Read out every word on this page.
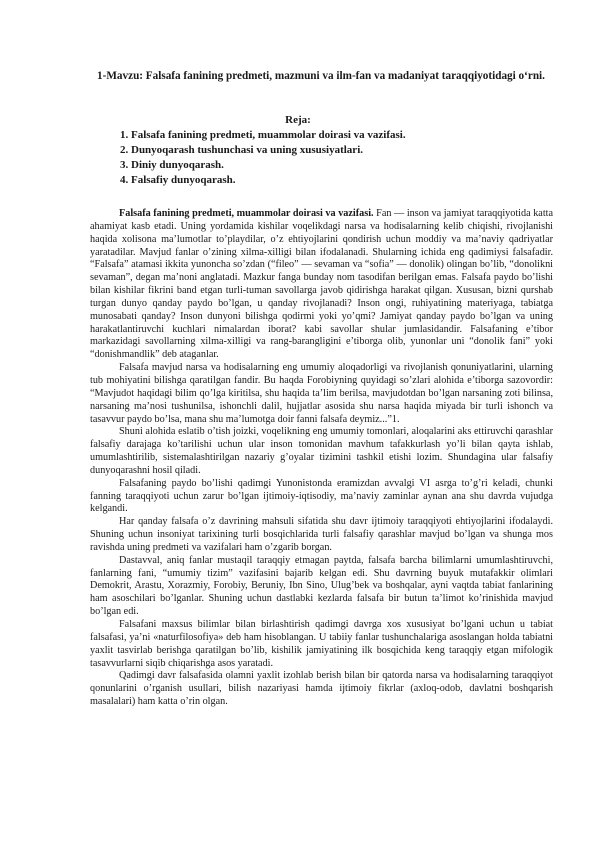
1-Mavzu: Falsafa fanining predmeti, mazmuni va ilm-fan va madaniyat taraqqiyotidagi o‘rni.
Reja:
1. Falsafa fanining predmeti, muammolar doirasi va vazifasi.
2. Dunyoqarash tushunchasi va uning xususiyatlari.
3. Diniy dunyoqarash.
4. Falsafiy dunyoqarash.

Falsafa fanining predmeti, muammolar doirasi va vazifasi. Fan — inson va jamiyat taraqqiyotida katta ahamiyat kasb etadi. Uning yordamida kishilar voqelikdagi narsa va hodisalarning kelib chiqishi, rivojlanishi haqida xolisona ma’lumotlar to’playdilar, o’z ehtiyojlarini qondirish uchun moddiy va ma’naviy qadriyatlar yaratadilar. Mavjud fanlar o’zining xilma-xilligi bilan ifodalanadi. Shularning ichida eng qadimiysi falsafadir. “Falsafa” atamasi ikkita yunoncha so’zdan (“fileo” — sevaman va “sofia” — donolik) olingan bo’lib, “donolikni sevaman”, degan ma’noni anglatadi. Mazkur fanga bunday nom tasodifan berilgan emas. Falsafa paydo bo’lishi bilan kishilar fikrini band etgan turli-tuman savollarga javob qidirishga harakat qilgan. Xususan, bizni qurshab turgan dunyo qanday paydo bo’lgan, u qanday rivojlanadi? Inson ongi, ruhiyatining materiyaga, tabiatga munosabati qanday? Inson dunyoni bilishga qodirmi yoki yo’qmi? Jamiyat qanday paydo bo’lgan va uning harakatlantiruvchi kuchlari nimalardan iborat? kabi savollar shular jumlasidandir. Falsafaning e’tibor markazidagi savollarning xilma-xilligi va rang-barangligini e’tiborga olib, yunonlar uni “donolik fani” yoki “donishmandlik” deb ataganlar.

Falsafa mavjud narsa va hodisalarning eng umumiy aloqadorligi va rivojlanish qonuniyatlarini, ularning tub mohiyatini bilishga qaratilgan fandir. Bu haqda Forobiyning quyidagi so’zlari alohida e’tiborga sazovordir: “Mavjudot haqidagi bilim qo’lga kiritilsa, shu haqida ta’lim berilsa, mavjudotdan bo’lgan narsaning zoti bilinsa, narsaning ma’nosi tushunilsa, ishonchli dalil, hujjatlar asosida shu narsa haqida miyada bir turli ishonch va tasavvur paydo bo’lsa, mana shu ma’lumotga doir fanni falsafa deymiz...”1.

Shuni alohida eslatib o’tish joizki, voqelikning eng umumiy tomonlari, aloqalarini aks ettiruvchi qarashlar falsafiy darajaga ko’tarilishi uchun ular inson tomonidan mavhum tafakkurlash yo’li bilan qayta ishlab, umumlashtirilib, sistemalashtirilgan nazariy g’oyalar tizimini tashkil etishi lozim. Shundagina ular falsafiy dunyoqarashni hosil qiladi.

Falsafaning paydo bo’lishi qadimgi Yunonistonda eramizdan avvalgi VI asrga to’g’ri keladi, chunki fanning taraqqiyoti uchun zarur bo’lgan ijtimoiy-iqtisodiy, ma’naviy zaminlar aynan ana shu davrda vujudga kelgandi.

Har qanday falsafa o’z davrining mahsuli sifatida shu davr ijtimoiy taraqqiyoti ehtiyojlarini ifodalaydi. Shuning uchun insoniyat tarixining turli bosqichlarida turli falsafiy qarashlar mavjud bo’lgan va shunga mos ravishda uning predmeti va vazifalari ham o’zgarib borgan.

Dastavval, aniq fanlar mustaqil taraqqiy etmagan paytda, falsafa barcha bilimlarni umumlashtiruvchi, fanlarning fani, “umumiy tizim” vazifasini bajarib kelgan edi. Shu davrning buyuk mutafakkir olimlari Demokrit, Arastu, Xorazmiy, Forobiy, Beruniy, Ibn Sino, Ulug’bek va boshqalar, ayni vaqtda tabiat fanlarining ham asoschilari bo’lganlar. Shuning uchun dastlabki kezlarda falsafa bir butun ta’limot ko’rinishida mavjud bo’lgan edi.

Falsafani maxsus bilimlar bilan birlashtirish qadimgi davrga xos xususiyat bo’lgani uchun u tabiat falsafasi, ya’ni «naturfilosofiya» deb ham hisoblangan. U tabiiy fanlar tushunchalariga asoslangan holda tabiatni yaxlit tasvirlab berishga qaratilgan bo’lib, kishilik jamiyatining ilk bosqichida keng taraqqiy etgan mifologik tasavvurlarni siqib chiqarishga asos yaratadi.

Qadimgi davr falsafasida olamni yaxlit izohlab berish bilan bir qatorda narsa va hodisalarning taraqqiyot qonunlarini o’rganish usullari, bilish nazariyasi hamda ijtimoiy fikrlar (axloq-odob, davlatni boshqarish masalalari) ham katta o’rin olgan.
